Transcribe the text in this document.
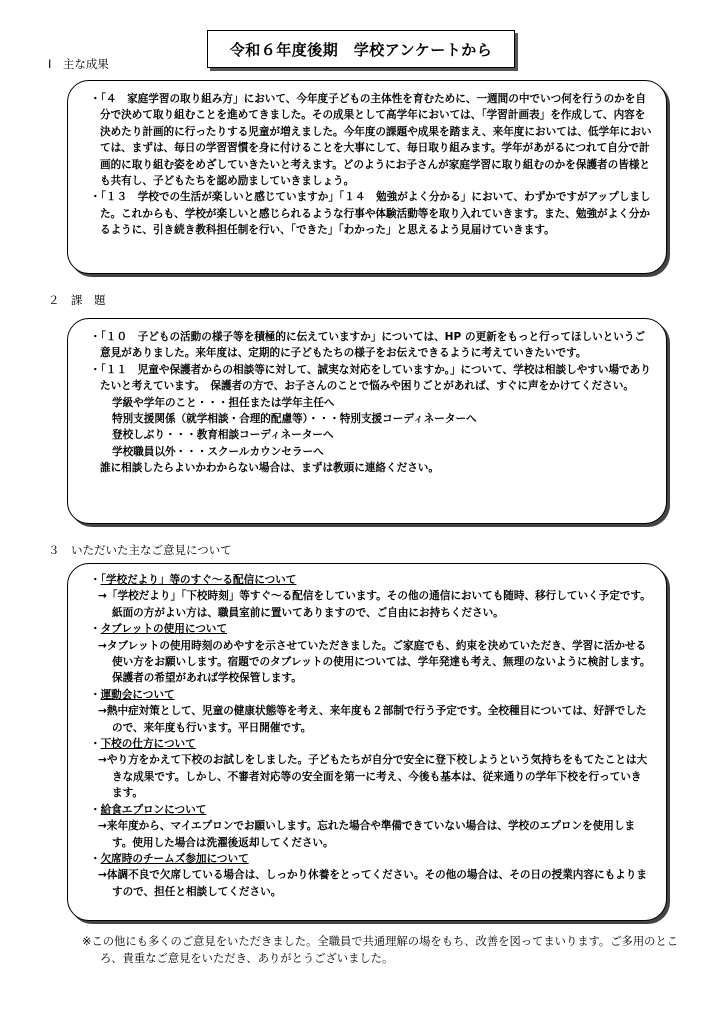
令和６年度後期　学校アンケートから
Ⅰ　主な成果

・「４　家庭学習の取り組み方」において、今年度子どもの主体性を育むために、一週間の中でいつ何を行うのかを自分で決めて取り組むことを進めてきました。その成果として高学年においては、「学習計画表」を作成して、内容を決めたり計画的に行ったりする児童が増えました。今年度の課題や成果を踏まえ、来年度においては、低学年においては、まずは、毎日の学習習慣を身に付けることを大事にして、毎日取り組みます。学年があがるにつれて自分で計画的に取り組む姿をめざしていきたいと考えます。どのようにお子さんが家庭学習に取り組むのかを保護者の皆様とも共有し、子どもたちを認め励ましていきましょう。

・「１３　学校での生活が楽しいと感じていますか」「１４　勉強がよく分かる」において、わずかですがアップしました。これからも、学校が楽しいと感じられるような行事や体験活動等を取り入れていきます。また、勉強がよく分かるように、引き続き教科担任制を行い、「できた」「わかった」と思えるよう見届けていきます。

２　課　題

・「１０　子どもの活動の様子等を積極的に伝えていますか」については、HP の更新をもっと行ってほしいというご意見がありました。来年度は、定期的に子どもたちの様子をお伝えできるように考えていきたいです。

・「１１　児童や保護者からの相談等に対して、誠実な対応をしていますか。」について、学校は相談しやすい場でありたいと考えています。　保護者の方で、お子さんのことで悩みや困りごとがあれば、すぐに声をかけてください。

学級や学年のこと・・・担任または学年主任へ

特別支援関係（就学相談・合理的配慮等）・・・特別支援コーディネーターへ

登校しぶり・・・教育相談コーディネーターへ

学校職員以外・・・スクールカウンセラーへ

誰に相談したらよいかわからない場合は、まずは教頭に連絡ください。

３　いただいた主なご意見について

・「学校だより」等のすぐ～る配信について

→「学校だより」「下校時刻」等すぐ～る配信をしています。その他の通信においても随時、移行していく予定です。紙面の方がよい方は、職員室前に置いてありますので、ご自由にお持ちください。

・タブレットの使用について

→タブレットの使用時刻のめやすを示させていただきました。ご家庭でも、約束を決めていただき、学習に活かせる使い方をお願いします。宿題でのタブレットの使用については、学年発達も考え、無理のないように検討します。保護者の希望があれば学校保管します。

・運動会について

→熱中症対策として、児童の健康状態等を考え、来年度も２部制で行う予定です。全校種目については、好評でしたので、来年度も行います。平日開催です。

・下校の仕方について

→やり方をかえて下校のお試しをしました。子どもたちが自分で安全に登下校しようという気持ちをもてたことは大きな成果です。しかし、不審者対応等の安全面を第一に考え、今後も基本は、従来通りの学年下校を行っていきます。

・給食エプロンについて

→来年度から、マイエプロンでお願いします。忘れた場合や準備できていない場合は、学校のエプロンを使用します。使用した場合は洗濯後返却してください。

・欠席時のチームズ参加について

→体調不良で欠席している場合は、しっかり休養をとってください。その他の場合は、その日の授業内容にもよりますので、担任と相談してください。

※この他にも多くのご意見をいただきました。全職員で共通理解の場をもち、改善を図ってまいります。ご多用のところ、貴重なご意見をいただき、ありがとうございました。
